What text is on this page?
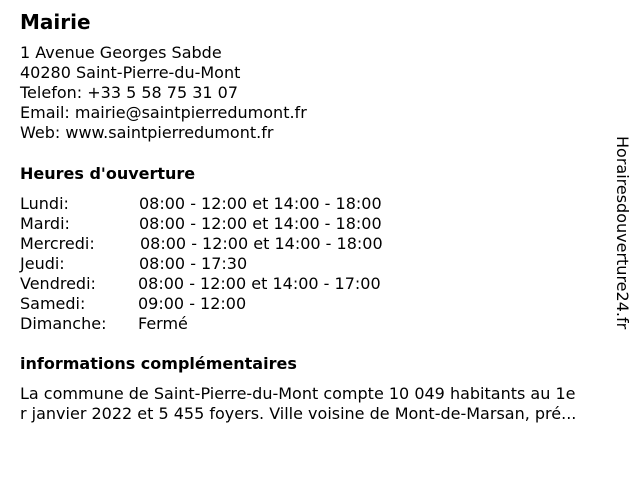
Mairie
1 Avenue Georges Sabde
40280 Saint-Pierre-du-Mont
Telefon: +33 5 58 75 31 07
Email: mairie@saintpierredumont.fr
Web: www.saintpierredumont.fr
Heures d'ouverture
Lundi:	08:00 - 12:00 et 14:00 - 18:00
Mardi:	08:00 - 12:00 et 14:00 - 18:00
Mercredi:	08:00 - 12:00 et 14:00 - 18:00
Jeudi:	08:00 - 17:30
Vendredi:	08:00 - 12:00 et 14:00 - 17:00
Samedi:	09:00 - 12:00
Dimanche: Fermé
informations complémentaires
La commune de Saint-Pierre-du-Mont compte 10 049 habitants au 1e
r janvier 2022 et 5 455 foyers. Ville voisine de Mont-de-Marsan, pré...
Horairesdouverture24.fr
